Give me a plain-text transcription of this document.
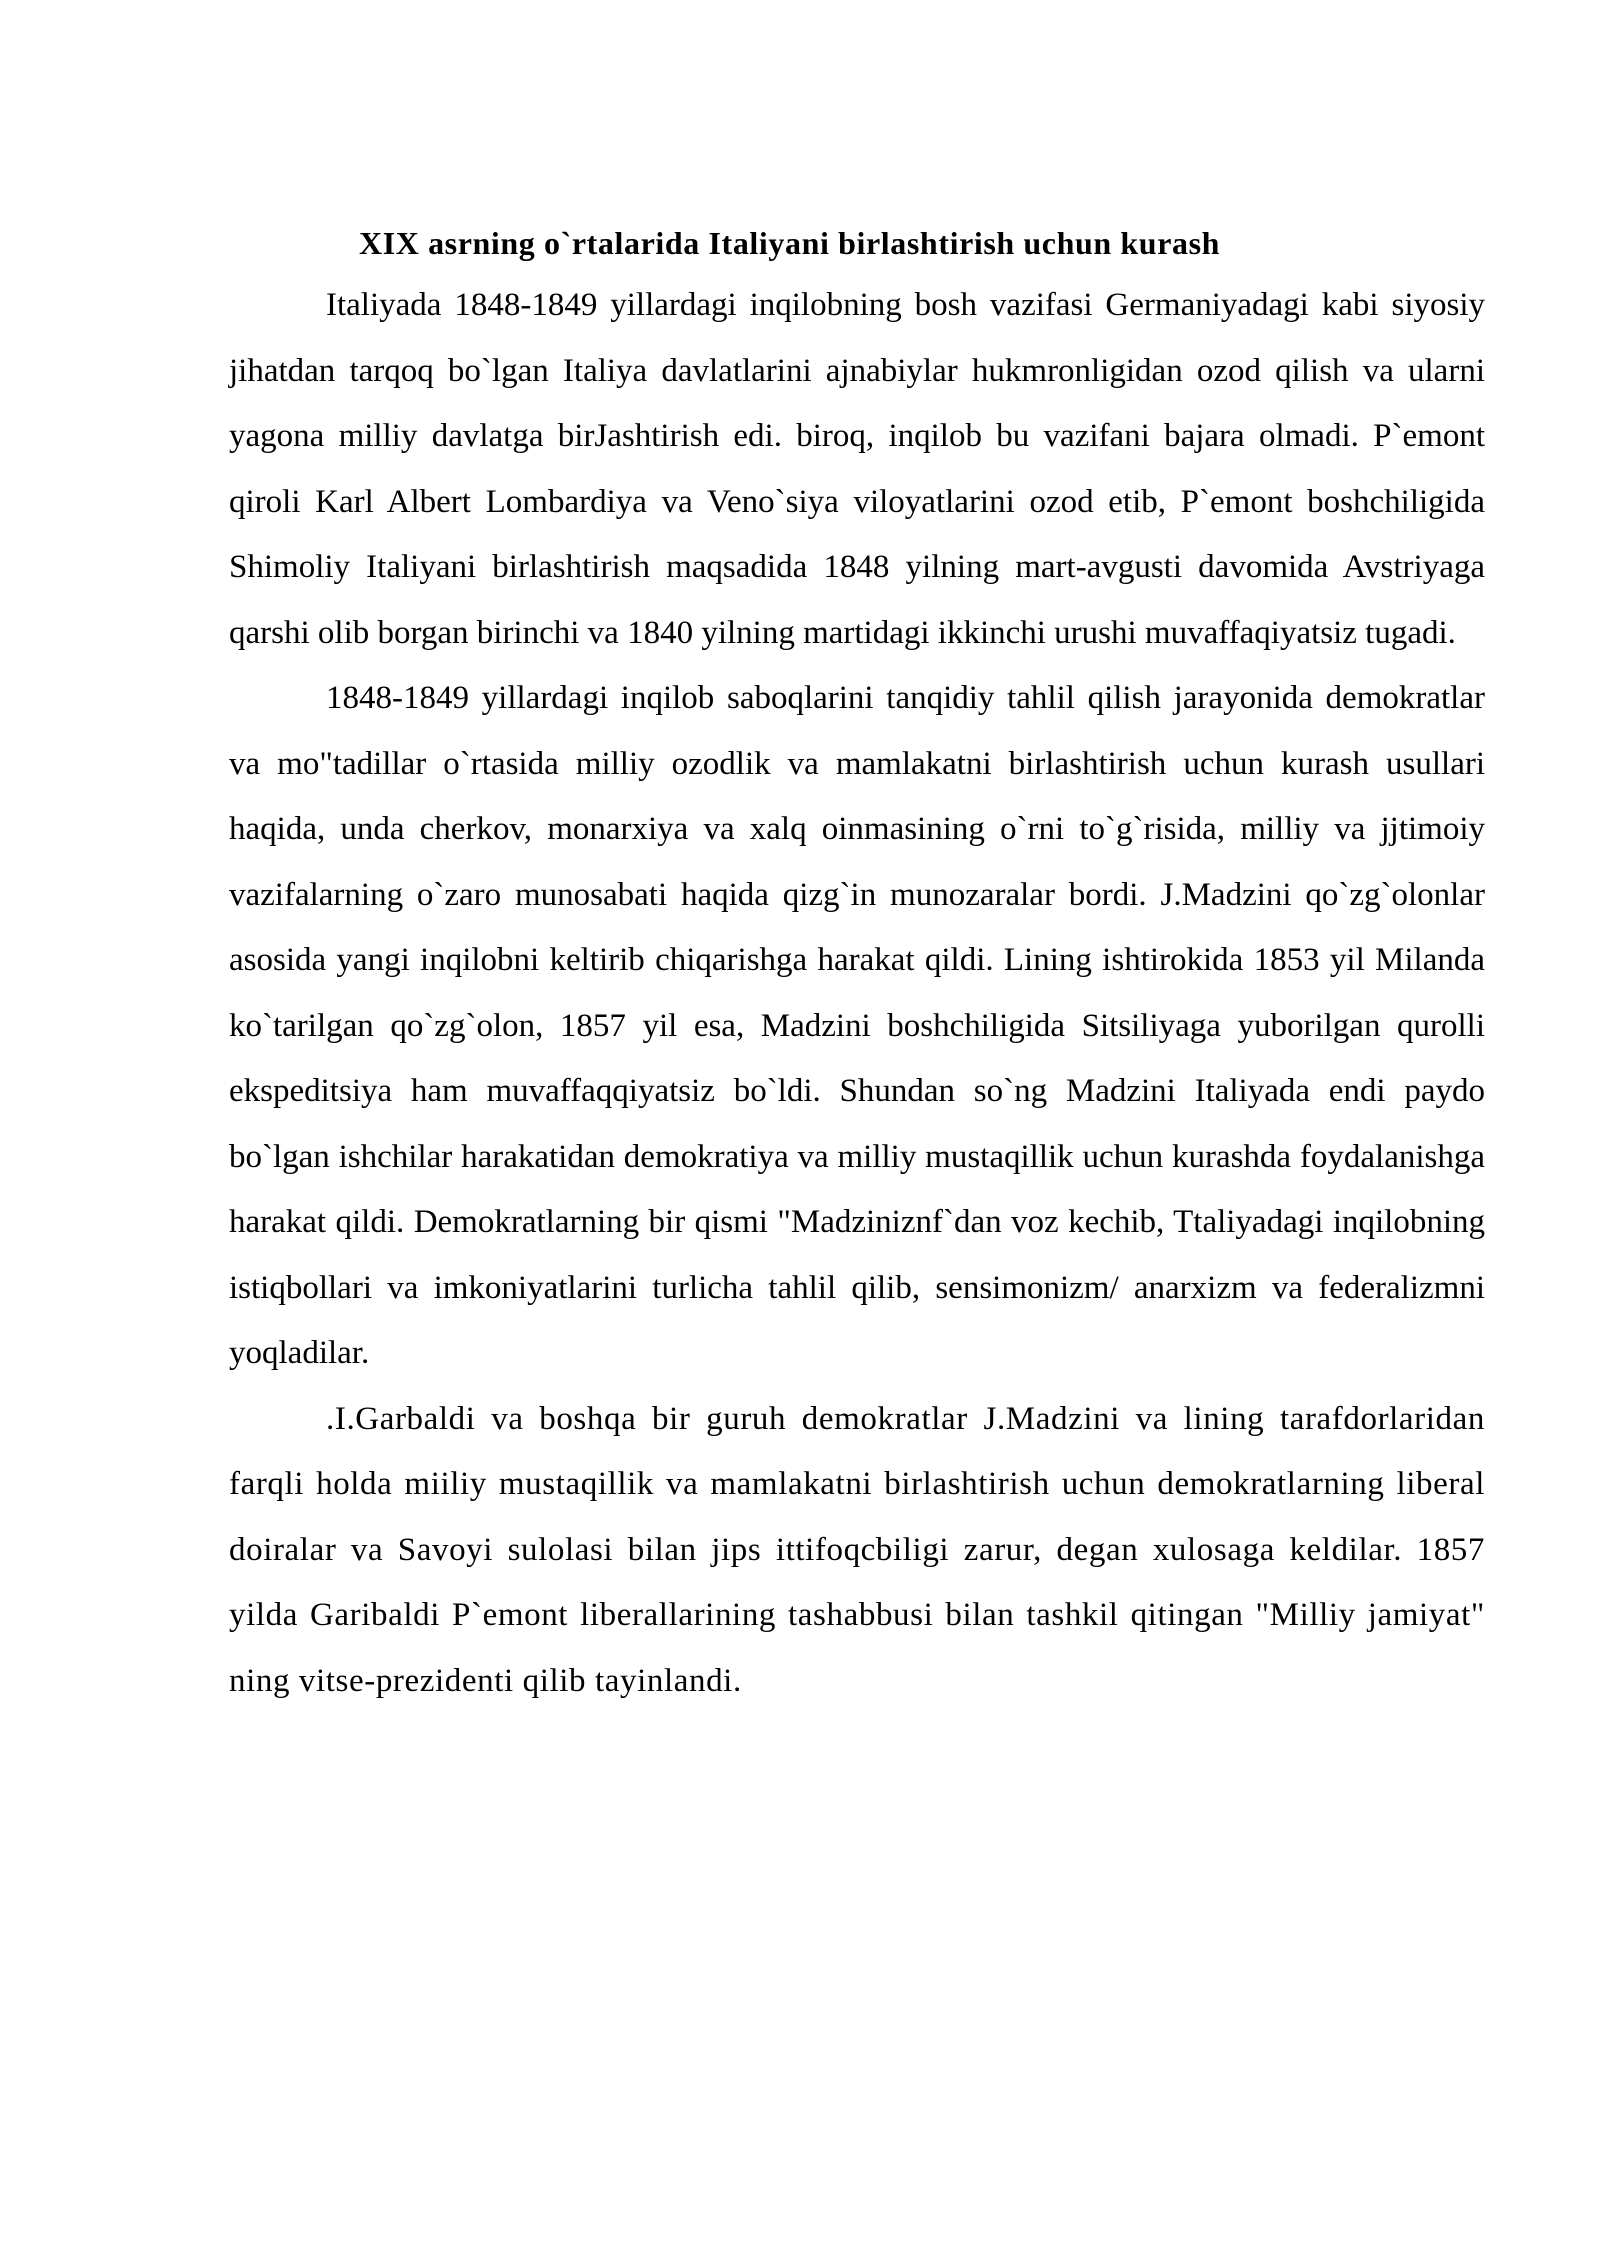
XIX asrning o`rtalarida Italiyani birlashtirish uchun kurash

Italiyada 1848-1849 yillardagi inqilobning bosh vazifasi Germaniyadagi kabi siyosiy jihatdan tarqoq bo`lgan Italiya davlatlarini ajnabiylar hukmronligidan ozod qilish va ularni yagona milliy davlatga birJashtirish edi. biroq, inqilob bu vazifani bajara olmadi. P`emont qiroli Karl Albert Lombardiya va Veno`siya viloyatlarini ozod etib, P`emont boshchiligida Shimoliy Italiyani birlashtirish maqsadida 1848 yilning mart-avgusti davomida Avstriyaga qarshi olib borgan birinchi va 1840 yilning martidagi ikkinchi urushi muvaffaqiyatsiz tugadi.

1848-1849 yillardagi inqilob saboqlarini tanqidiy tahlil qilish jarayonida demokratlar va mo"tadillar o`rtasida milliy ozodlik va mamlakatni birlashtirish uchun kurash usullari haqida, unda cherkov, monarxiya va xalq oinmasining o`rni to`g`risida, milliy va jjtimoiy vazifalarning o`zaro munosabati haqida qizg`in munozaralar bordi. J.Madzini qo`zg`olonlar asosida yangi inqilobni keltirib chiqarishga harakat qildi. Lining ishtirokida 1853 yil Milanda ko`tarilgan qo`zg`olon, 1857 yil esa, Madzini boshchiligida Sitsiliyaga yuborilgan qurolli ekspeditsiya ham muvaffaqqiyatsiz bo`ldi. Shundan so`ng Madzini Italiyada endi paydo bo`lgan ishchilar harakatidan demokratiya va milliy mustaqillik uchun kurashda foydalanishga harakat qildi. Demokratlarning bir qismi "Madziniznf`dan voz kechib, Ttaliyadagi inqilobning istiqbollari va imkoniyatlarini turlicha tahlil qilib, sensimonizm/ anarxizm va federalizmni yoqladilar.

.I.Garbaldi va boshqa bir guruh demokratlar J.Madzini va lining tarafdorlaridan farqli holda miiliy mustaqillik va mamlakatni birlashtirish uchun demokratlarning liberal doiralar va Savoyi sulolasi bilan jips ittifoqcbiligi zarur, degan xulosaga keldilar. 1857 yilda Garibaldi P`emont liberallarining tashabbusi bilan tashkil qitingan "Milliy jamiyat" ning vitse-prezidenti qilib tayinlandi.
